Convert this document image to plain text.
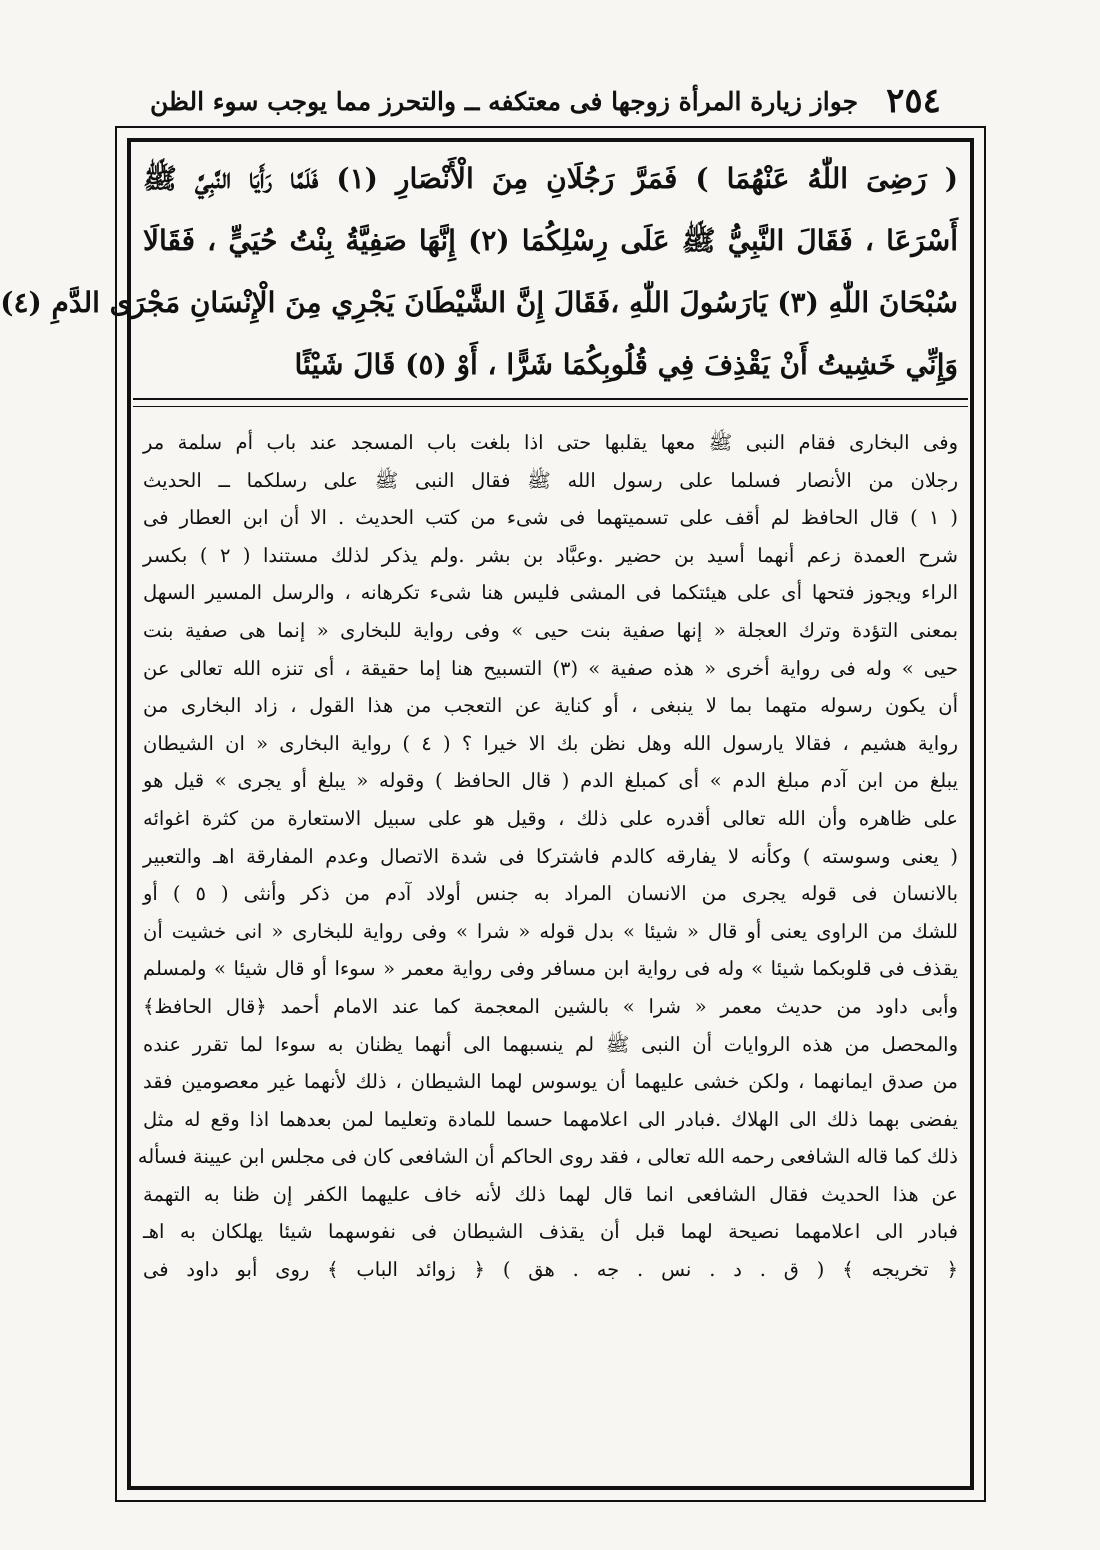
٢٥٤
جواز زيارة المرأة زوجها فى معتكفه ــ والتحرز مما يوجب سوء الظن
( رَضِىَ اللّٰهُ عَنْهُمَا ) فَمَرَّ رَجُلَانِ مِنَ الْأَنْصَارِ (١) فَلَمَّا رَأَيَا النَّبِيَّ ﷺ
أَسْرَعَا ، فَقَالَ النَّبِيُّ ﷺ عَلَى رِسْلِكُمَا (٢) إِنَّهَا صَفِيَّةُ بِنْتُ حُيَيٍّ ، فَقَالَا
سُبْحَانَ اللّٰهِ (٣) يَارَسُولَ اللّٰهِ ،فَقَالَ إِنَّ الشَّيْطَانَ يَجْرِي مِنَ الْإِنْسَانِ مَجْرَى الدَّمِ (٤)
وَإِنِّي خَشِيتُ أَنْ يَقْذِفَ فِي قُلُوبِكُمَا شَرًّا ، أَوْ (٥) قَالَ شَيْئًا
وفى البخارى فقام النبى ﷺ معها يقلبها حتى اذا بلغت باب المسجد عند باب أم سلمة مر
رجلان من الأنصار فسلما على رسول الله ﷺ فقال النبى ﷺ على رسلكما ــ الحديث
( ١ ) قال الحافظ لم أقف على تسميتهما فى شىء من كتب الحديث . الا أن ابن العطار فى
شرح العمدة زعم أنهما أسيد بن حضير .وعبَّاد بن بشر .ولم يذكر لذلك مستندا ( ٢ ) بكسر
الراء ويجوز فتحها أى على هيئتكما فى المشى فليس هنا شىء تكرهانه ، والرسل المسير السهل
بمعنى التؤدة وترك العجلة « إنها صفية بنت حيى » وفى رواية للبخارى « إنما هى صفية بنت
حيى » وله فى رواية أخرى « هذه صفية » (٣) التسبيح هنا إما حقيقة ، أى تنزه الله تعالى عن
أن يكون رسوله متهما بما لا ينبغى ، أو كناية عن التعجب من هذا القول ، زاد البخارى من
رواية هشيم ، فقالا يارسول الله وهل نظن بك الا خيرا ؟ ( ٤ ) رواية البخارى « ان الشيطان
يبلغ من ابن آدم مبلغ الدم » أى كمبلغ الدم ( قال الحافظ ) وقوله « يبلغ أو يجرى » قيل هو
على ظاهره وأن الله تعالى أقدره على ذلك ، وقيل هو على سبيل الاستعارة من كثرة اغوائه
( يعنى وسوسته ) وكأنه لا يفارقه كالدم فاشتركا فى شدة الاتصال وعدم المفارقة اهـ والتعبير
بالانسان فى قوله يجرى من الانسان المراد به جنس أولاد آدم من ذكر وأنثى ( ٥ ) أو
للشك من الراوى يعنى أو قال « شيئا » بدل قوله « شرا » وفى رواية للبخارى « انى خشيت أن
يقذف فى قلوبكما شيئا » وله فى رواية ابن مسافر وفى رواية معمر « سوءا أو قال شيئا » ولمسلم
وأبى داود من حديث معمر « شرا » بالشين المعجمة كما عند الامام أحمد ﴿قال الحافظ﴾
والمحصل من هذه الروايات أن النبى ﷺ لم ينسبهما الى أنهما يظنان به سوءا لما تقرر عنده
من صدق ايمانهما ، ولكن خشى عليهما أن يوسوس لهما الشيطان ، ذلك لأنهما غير معصومين فقد
يفضى بهما ذلك الى الهلاك .فبادر الى اعلامهما حسما للمادة وتعليما لمن بعدهما اذا وقع له مثل
ذلك كما قاله الشافعى رحمه الله تعالى ، فقد روى الحاكم أن الشافعى كان فى مجلس ابن عيينة فسأله
عن هذا الحديث فقال الشافعى انما قال لهما ذلك لأنه خاف عليهما الكفر إن ظنا به التهمة
فبادر الى اعلامهما نصيحة لهما قبل أن يقذف الشيطان فى نفوسهما شيئا يهلكان به اهـ
﴿ تخريجه ﴾ ( ق . د . نس . جه . هق ) ﴿ زوائد الباب ﴾ روى أبو داود فى
